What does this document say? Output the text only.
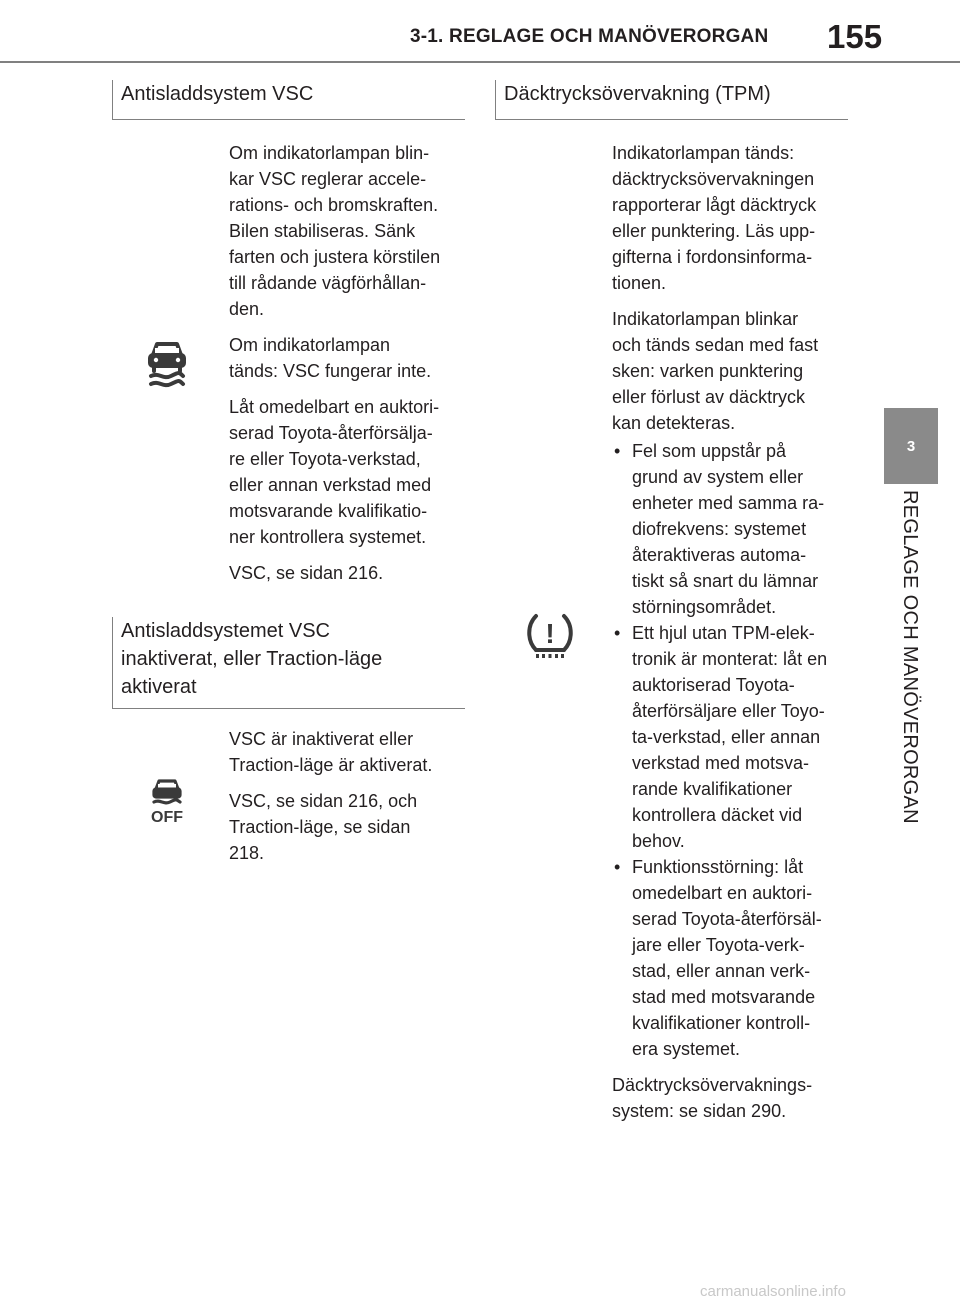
3-1. REGLAGE OCH MANÖVERORGAN 155
3
REGLAGE OCH MANÖVERORGAN
Antisladdsystem VSC

Om indikatorlampan blin-
kar VSC reglerar accele-
rations- och bromskraften.
Bilen stabiliseras. Sänk
farten och justera körstilen
till rådande vägförhållan-
den.

Om indikatorlampan
tänds: VSC fungerar inte.

Låt omedelbart en auktori-
serad Toyota-återförsälja-
re eller Toyota-verkstad,
eller annan verkstad med
motsvarande kvalifikatio-
ner kontrollera systemet.

VSC, se sidan 216.

Antisladdsystemet VSC
inaktiverat, eller Traction-läge
aktiverat
OFF

VSC är inaktiverat eller
Traction-läge är aktiverat.

VSC, se sidan 216, och
Traction-läge, se sidan
218.

Däcktrycksövervakning (TPM)
!

Indikatorlampan tänds:
däcktrycksövervakningen
rapporterar lågt däcktryck
eller punktering. Läs upp-
gifterna i fordonsinforma-
tionen.

Indikatorlampan blinkar
och tänds sedan med fast
sken: varken punktering
eller förlust av däcktryck
kan detekteras.

• Fel som uppstår på
grund av system eller
enheter med samma ra-
diofrekvens: systemet
återaktiveras automa-
tiskt så snart du lämnar
störningsområdet.
• Ett hjul utan TPM-elek-
tronik är monterat: låt en
auktoriserad Toyota-
återförsäljare eller Toyo-
ta-verkstad, eller annan
verkstad med motsva-
rande kvalifikationer
kontrollera däcket vid
behov.
• Funktionsstörning: låt
omedelbart en auktori-
serad Toyota-återförsäl-
jare eller Toyota-verk-
stad, eller annan verk-
stad med motsvarande
kvalifikationer kontroll-
era systemet.

Däcktrycksövervaknings-
system: se sidan 290.

carmanualsonline.info
